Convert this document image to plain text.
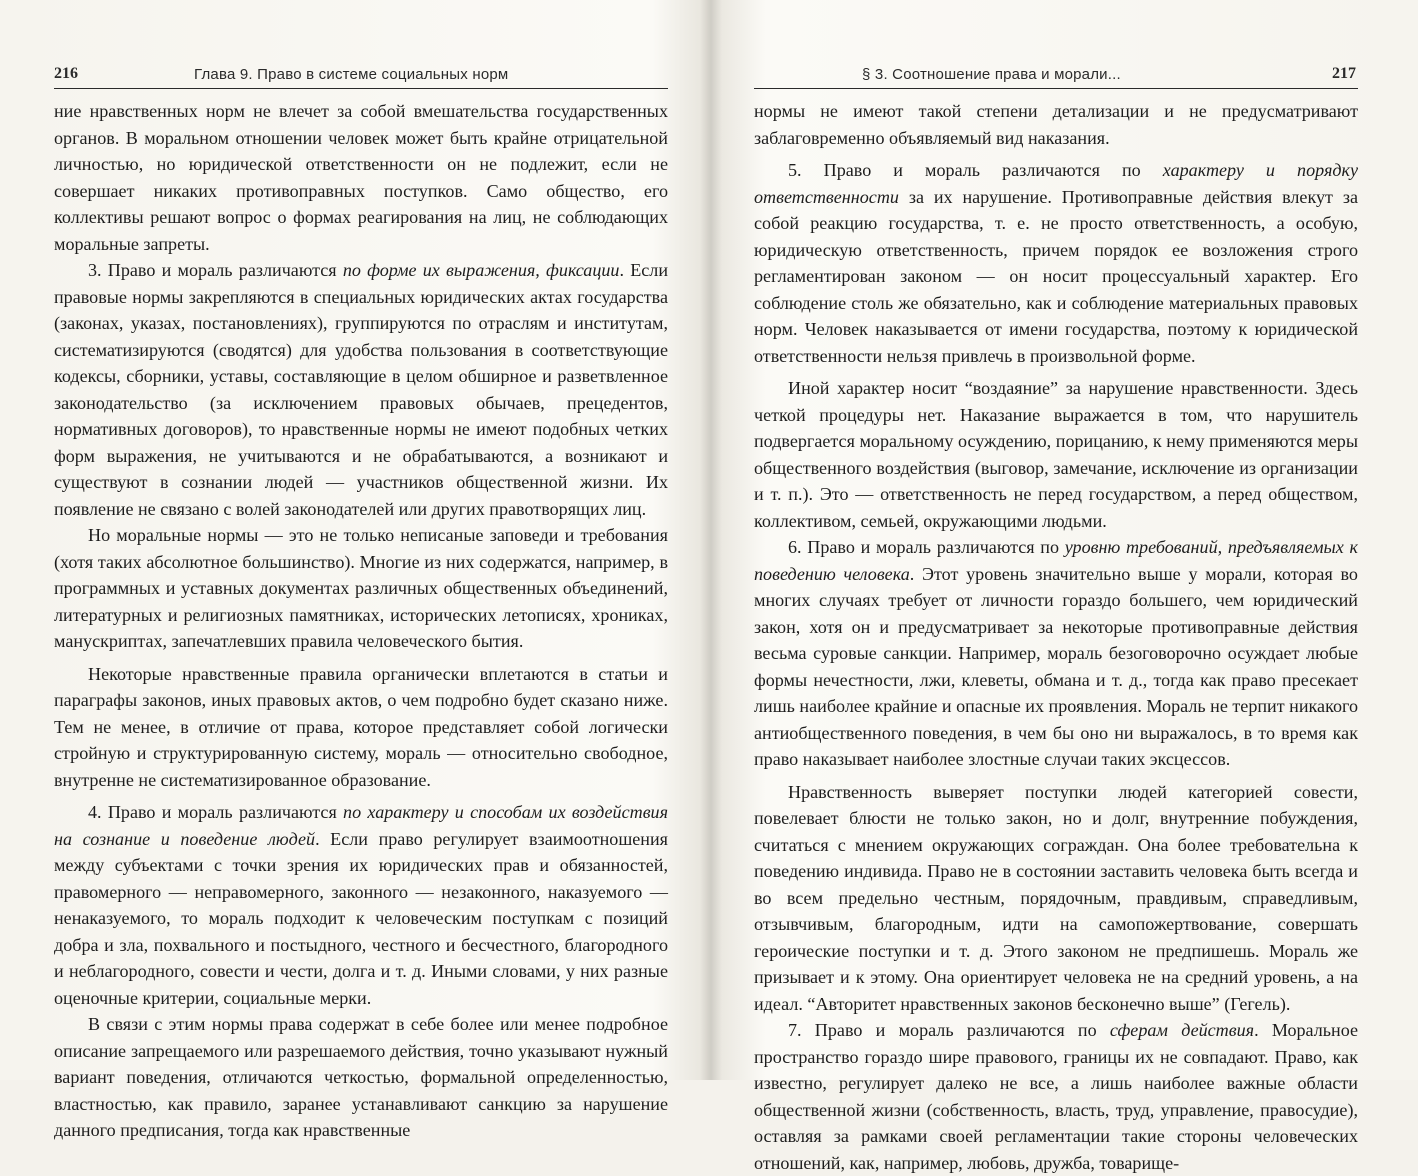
216	Глава 9. Право в системе социальных норм

ние нравственных норм не влечет за собой вмешательства государственных органов. В моральном отношении человек может быть крайне отрицательной личностью, но юридической ответственности он не подлежит, если не совершает никаких противоправных поступков. Само общество, его коллективы решают вопрос о формах реагирования на лиц, не соблюдающих моральные запреты.

3. Право и мораль различаются по форме их выражения, фиксации. Если правовые нормы закрепляются в специальных юридических актах государства (законах, указах, постановлениях), группируются по отраслям и институтам, систематизируются (сводятся) для удобства пользования в соответствующие кодексы, сборники, уставы, составляющие в целом обширное и разветвленное законодательство (за исключением правовых обычаев, прецедентов, нормативных договоров), то нравственные нормы не имеют подобных четких форм выражения, не учитываются и не обрабатываются, а возникают и существуют в сознании людей — участников общественной жизни. Их появление не связано с волей законодателей или других правотворящих лиц.

Но моральные нормы — это не только неписаные заповеди и требования (хотя таких абсолютное большинство). Многие из них содержатся, например, в программных и уставных документах различных общественных объединений, литературных и религиозных памятниках, исторических летописях, хрониках, манускриптах, запечатлевших правила человеческого бытия.

Некоторые нравственные правила органически вплетаются в статьи и параграфы законов, иных правовых актов, о чем подробно будет сказано ниже. Тем не менее, в отличие от права, которое представляет собой логически стройную и структурированную систему, мораль — относительно свободное, внутренне не систематизированное образование.

4. Право и мораль различаются по характеру и способам их воздействия на сознание и поведение людей. Если право регулирует взаимоотношения между субъектами с точки зрения их юридических прав и обязанностей, правомерного — неправомерного, законного — незаконного, наказуемого — ненаказуемого, то мораль подходит к человеческим поступкам с позиций добра и зла, похвального и постыдного, честного и бесчестного, благородного и неблагородного, совести и чести, долга и т. д. Иными словами, у них разные оценочные критерии, социальные мерки.

В связи с этим нормы права содержат в себе более или менее подробное описание запрещаемого или разрешаемого действия, точно указывают нужный вариант поведения, отличаются четкостью, формальной определенностью, властностью, как правило, заранее устанавливают санкцию за нарушение данного предписания, тогда как нравственные

§ 3. Соотношение права и морали...	217

нормы не имеют такой степени детализации и не предусматривают заблаговременно объявляемый вид наказания.

5. Право и мораль различаются по характеру и порядку ответственности за их нарушение. Противоправные действия влекут за собой реакцию государства, т. е. не просто ответственность, а особую, юридическую ответственность, причем порядок ее возложения строго регламентирован законом — он носит процессуальный характер. Его соблюдение столь же обязательно, как и соблюдение материальных правовых норм. Человек наказывается от имени государства, поэтому к юридической ответственности нельзя привлечь в произвольной форме.

Иной характер носит “воздаяние” за нарушение нравственности. Здесь четкой процедуры нет. Наказание выражается в том, что нарушитель подвергается моральному осуждению, порицанию, к нему применяются меры общественного воздействия (выговор, замечание, исключение из организации и т. п.). Это — ответственность не перед государством, а перед обществом, коллективом, семьей, окружающими людьми.

6. Право и мораль различаются по уровню требований, предъявляемых к поведению человека. Этот уровень значительно выше у морали, которая во многих случаях требует от личности гораздо большего, чем юридический закон, хотя он и предусматривает за некоторые противоправные действия весьма суровые санкции. Например, мораль безоговорочно осуждает любые формы нечестности, лжи, клеветы, обмана и т. д., тогда как право пресекает лишь наиболее крайние и опасные их проявления. Мораль не терпит никакого антиобщественного поведения, в чем бы оно ни выражалось, в то время как право наказывает наиболее злостные случаи таких эксцессов.

Нравственность выверяет поступки людей категорией совести, повелевает блюсти не только закон, но и долг, внутренние побуждения, считаться с мнением окружающих сограждан. Она более требовательна к поведению индивида. Право не в состоянии заставить человека быть всегда и во всем предельно честным, порядочным, правдивым, справедливым, отзывчивым, благородным, идти на самопожертвование, совершать героические поступки и т. д. Этого законом не предпишешь. Мораль же призывает и к этому. Она ориентирует человека не на средний уровень, а на идеал. “Авторитет нравственных законов бесконечно выше” (Гегель).

7. Право и мораль различаются по сферам действия. Моральное пространство гораздо шире правового, границы их не совпадают. Право, как известно, регулирует далеко не все, а лишь наиболее важные области общественной жизни (собственность, власть, труд, управление, правосудие), оставляя за рамками своей регламентации такие стороны человеческих отношений, как, например, любовь, дружба, товарище-
